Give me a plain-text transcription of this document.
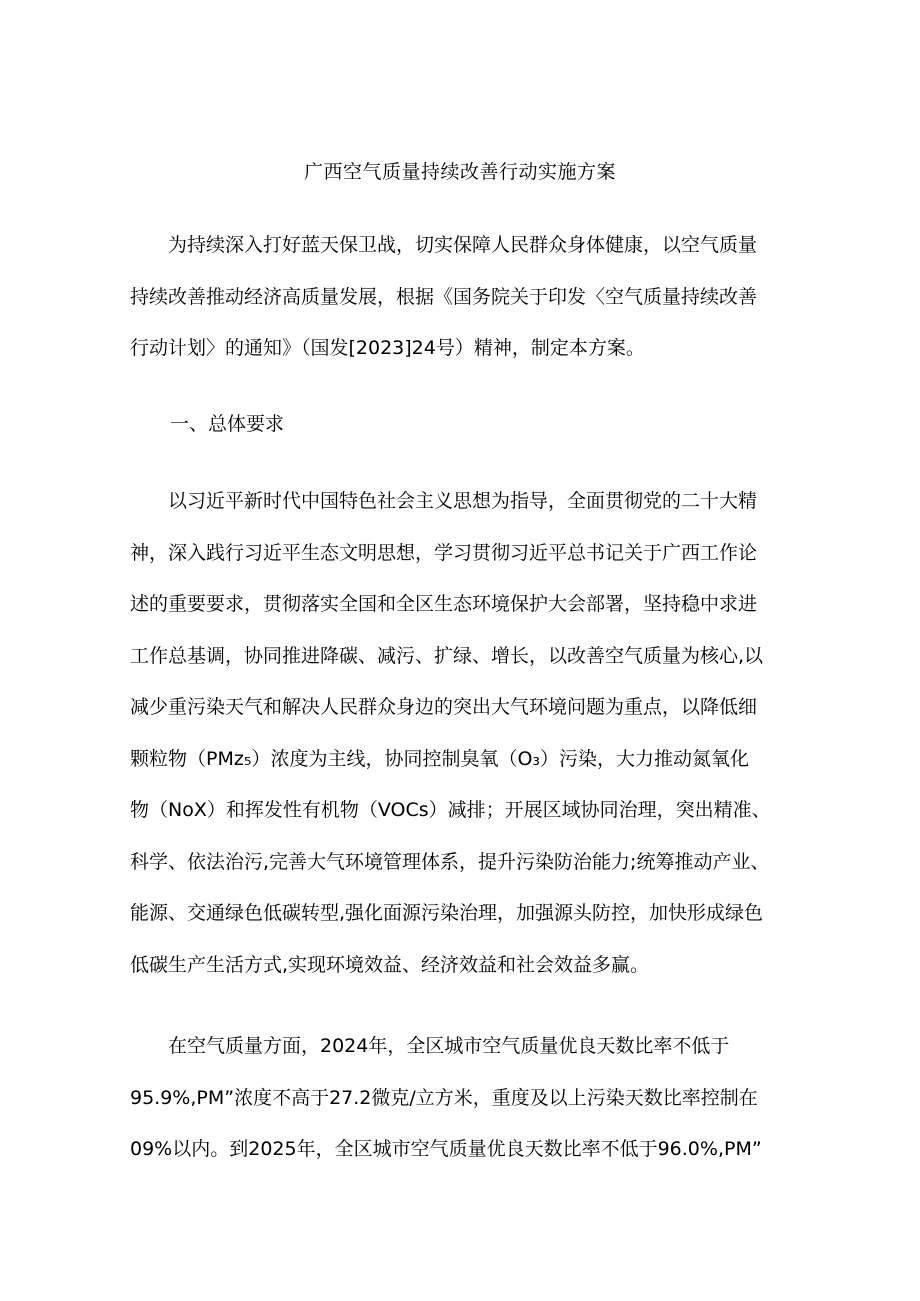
广西空气质量持续改善行动实施方案
为持续深入打好蓝天保卫战，切实保障人民群众身体健康，以空气质量
持续改善推动经济高质量发展，根据《国务院关于印发〈空气质量持续改善
行动计划〉的通知》（国发[2023]24号）精神，制定本方案。
一、总体要求
以习近平新时代中国特色社会主义思想为指导，全面贯彻党的二十大精
神，深入践行习近平生态文明思想，学习贯彻习近平总书记关于广西工作论
述的重要要求，贯彻落实全国和全区生态环境保护大会部署，坚持稳中求进
工作总基调，协同推进降碳、减污、扩绿、增长，以改善空气质量为核心,以
减少重污染天气和解决人民群众身边的突出大气环境问题为重点，以降低细
颗粒物（PMz₅）浓度为主线，协同控制臭氧（O₃）污染，大力推动氮氧化
物（NoX）和挥发性有机物（VOCs）减排；开展区域协同治理，突出精准、
科学、依法治污,完善大气环境管理体系，提升污染防治能力;统筹推动产业、
能源、交通绿色低碳转型,强化面源污染治理，加强源头防控，加快形成绿色
低碳生产生活方式,实现环境效益、经济效益和社会效益多赢。
在空气质量方面，2024年，全区城市空气质量优良天数比率不低于
95.9%,PM”浓度不高于27.2微克/立方米，重度及以上污染天数比率控制在
09%以内。到2025年，全区城市空气质量优良天数比率不低于96.0%,PM”
